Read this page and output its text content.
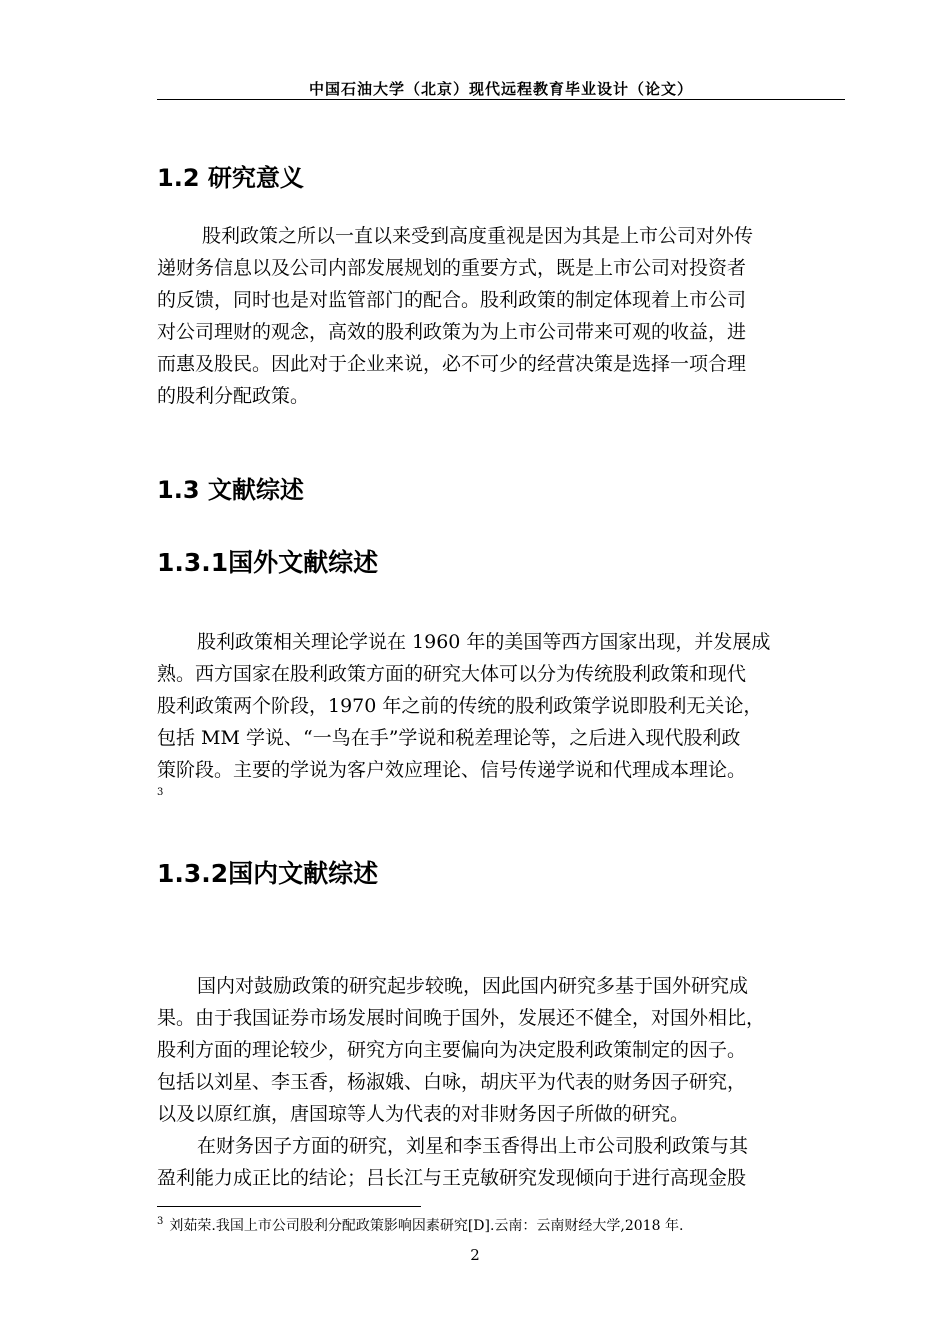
中国石油大学（北京）现代远程教育毕业设计（论文）
1.2 研究意义
股利政策之所以一直以来受到高度重视是因为其是上市公司对外传
递财务信息以及公司内部发展规划的重要方式，既是上市公司对投资者
的反馈，同时也是对监管部门的配合。股利政策的制定体现着上市公司
对公司理财的观念，高效的股利政策为为上市公司带来可观的收益，进
而惠及股民。因此对于企业来说，必不可少的经营决策是选择一项合理
的股利分配政策。
1.3 文献综述
1.3.1国外文献综述
股利政策相关理论学说在 1960 年的美国等西方国家出现，并发展成
熟。西方国家在股利政策方面的研究大体可以分为传统股利政策和现代
股利政策两个阶段，1970 年之前的传统的股利政策学说即股利无关论，
包括 MM 学说、“一鸟在手”学说和税差理论等，之后进入现代股利政
策阶段。主要的学说为客户效应理论、信号传递学说和代理成本理论。
3
1.3.2国内文献综述
国内对鼓励政策的研究起步较晚，因此国内研究多基于国外研究成
果。由于我国证券市场发展时间晚于国外，发展还不健全，对国外相比，
股利方面的理论较少，研究方向主要偏向为决定股利政策制定的因子。
包括以刘星、李玉香，杨淑娥、白咏，胡庆平为代表的财务因子研究，
以及以原红旗，唐国琼等人为代表的对非财务因子所做的研究。
在财务因子方面的研究，刘星和李玉香得出上市公司股利政策与其
盈利能力成正比的结论；吕长江与王克敏研究发现倾向于进行高现金股
$^3$ 刘茹荣.我国上市公司股利分配政策影响因素研究[D].云南：云南财经大学,2018 年.
2
